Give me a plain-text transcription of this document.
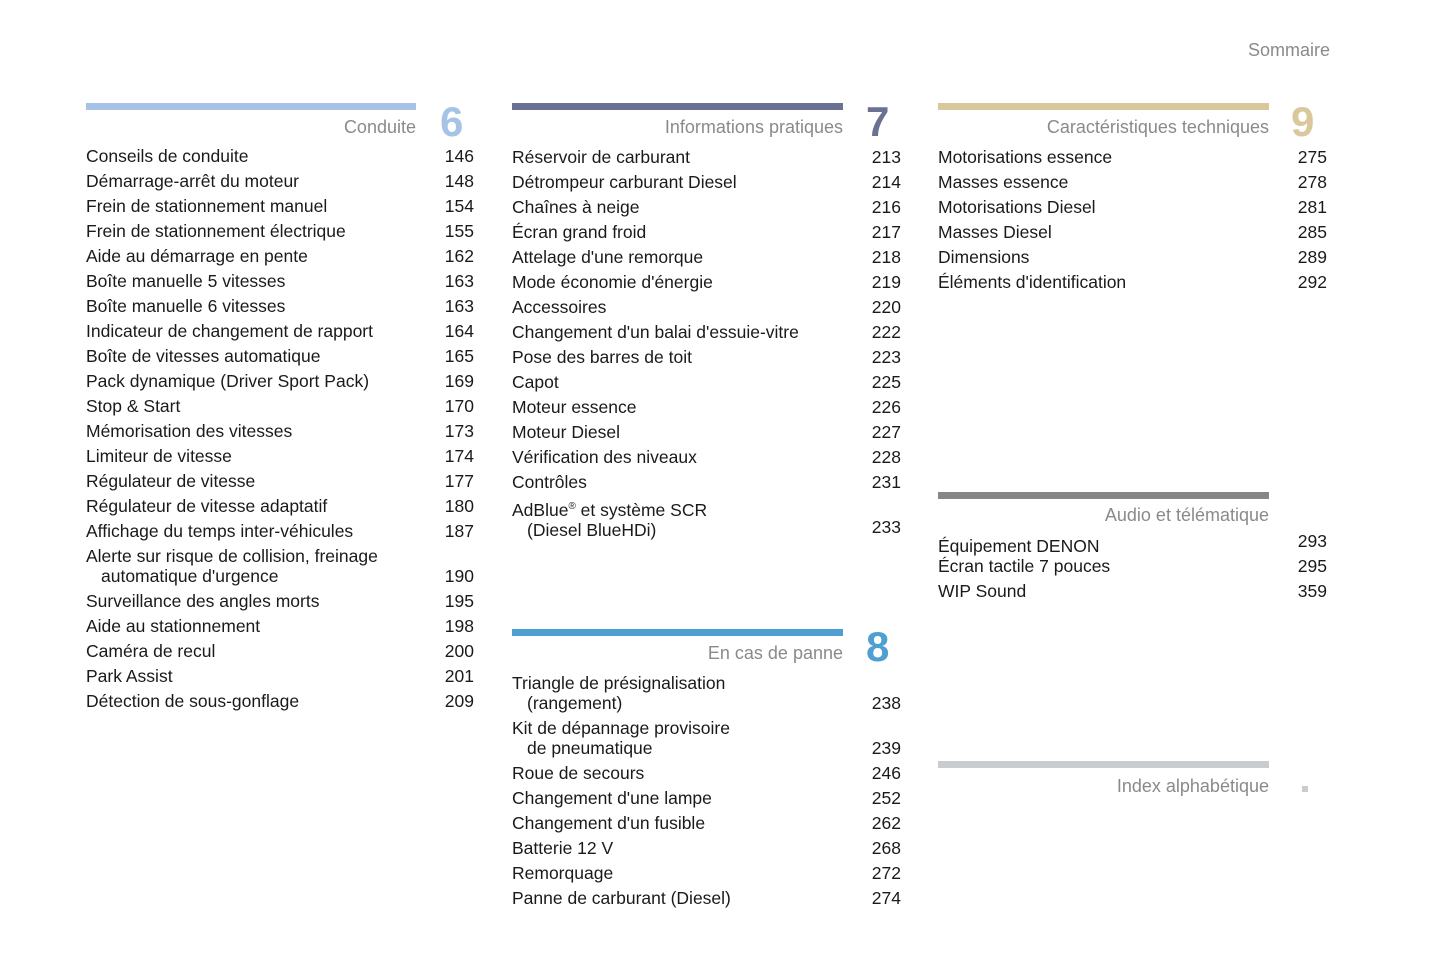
Sommaire
Conduite 6
Conseils de conduite	146
Démarrage-arrêt du moteur	148
Frein de stationnement manuel	154
Frein de stationnement électrique	155
Aide au démarrage en pente	162
Boîte manuelle 5 vitesses	163
Boîte manuelle 6 vitesses	163
Indicateur de changement de rapport	164
Boîte de vitesses automatique	165
Pack dynamique (Driver Sport Pack)	169
Stop & Start	170
Mémorisation des vitesses	173
Limiteur de vitesse	174
Régulateur de vitesse	177
Régulateur de vitesse adaptatif	180
Affichage du temps inter-véhicules	187
Alerte sur risque de collision, freinage
automatique d'urgence	190
Surveillance des angles morts	195
Aide au stationnement	198
Caméra de recul	200
Park Assist	201
Détection de sous-gonflage	209
Informations pratiques 7
Réservoir de carburant	213
Détrompeur carburant Diesel	214
Chaînes à neige	216
Écran grand froid	217
Attelage d'une remorque	218
Mode économie d'énergie	219
Accessoires	220
Changement d'un balai d'essuie-vitre	222
Pose des barres de toit	223
Capot	225
Moteur essence	226
Moteur Diesel	227
Vérification des niveaux	228
Contrôles	231
AdBlue® et système SCR
(Diesel BlueHDi)	233
En cas de panne 8
Triangle de présignalisation
(rangement)	238
Kit de dépannage provisoire
de pneumatique	239
Roue de secours	246
Changement d'une lampe	252
Changement d'un fusible	262
Batterie 12 V	268
Remorquage	272
Panne de carburant (Diesel)	274
Caractéristiques techniques 9
Motorisations essence	275
Masses essence	278
Motorisations Diesel	281
Masses Diesel	285
Dimensions	289
Éléments d'identification	292
Audio et télématique
Équipement DENON	293
Écran tactile 7 pouces	295
WIP Sound	359
Index alphabétique
